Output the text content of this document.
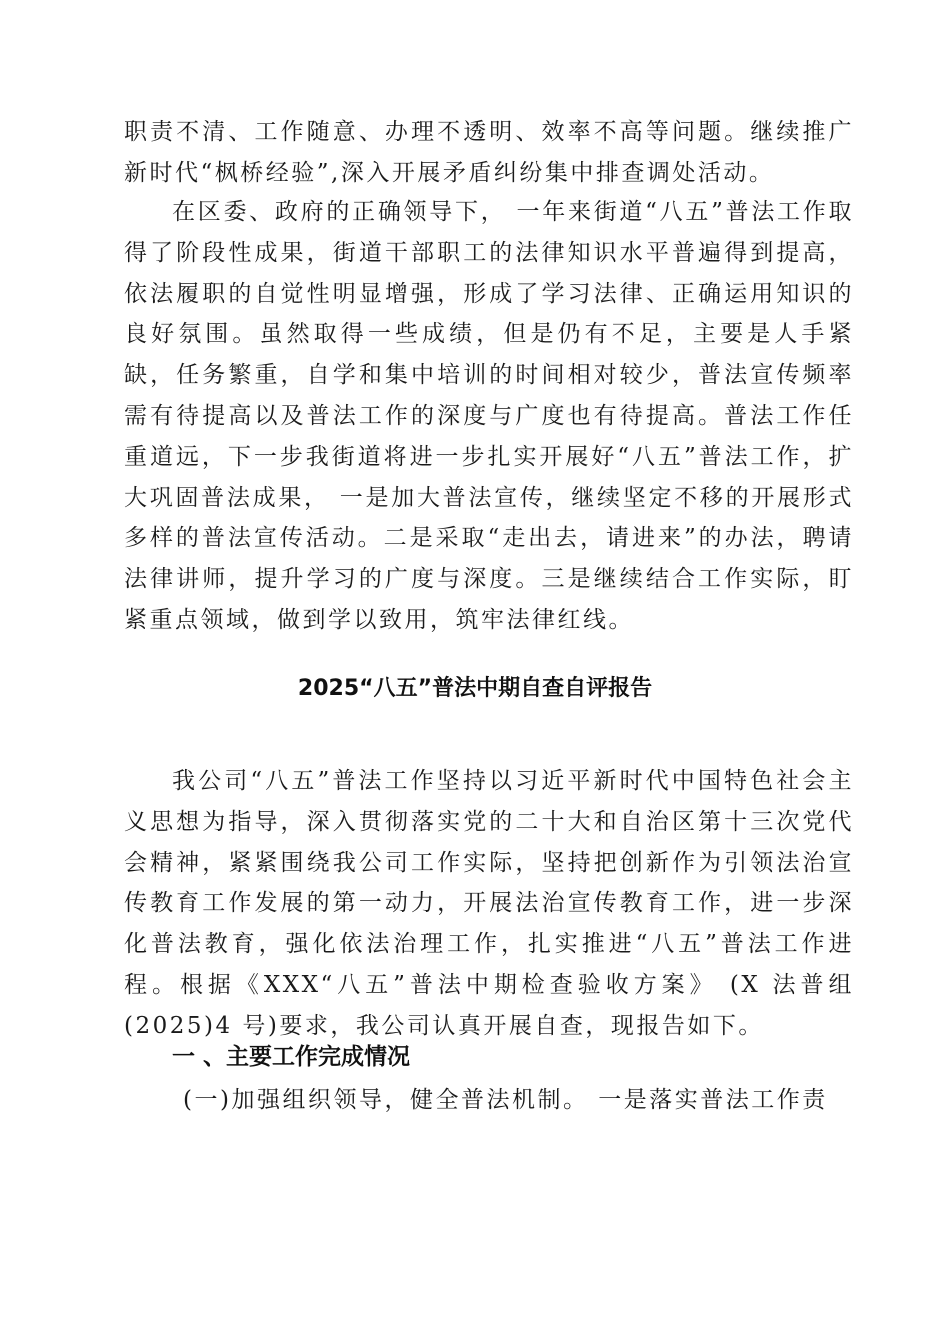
职责不清、工作随意、办理不透明、效率不高等问题。继续推广新时代“枫桥经验”,深入开展矛盾纠纷集中排查调处活动。

在区委、政府的正确领导下， 一年来街道“八五”普法工作取得了阶段性成果，街道干部职工的法律知识水平普遍得到提高，依法履职的自觉性明显增强，形成了学习法律、正确运用知识的良好氛围。虽然取得一些成绩，但是仍有不足，主要是人手紧缺，任务繁重，自学和集中培训的时间相对较少，普法宣传频率需有待提高以及普法工作的深度与广度也有待提高。普法工作任重道远，下一步我街道将进一步扎实开展好“八五”普法工作，扩大巩固普法成果， 一是加大普法宣传，继续坚定不移的开展形式多样的普法宣传活动。二是采取“走出去，请进来”的办法，聘请法律讲师，提升学习的广度与深度。三是继续结合工作实际，盯紧重点领域，做到学以致用，筑牢法律红线。

2025“八五”普法中期自查自评报告

我公司“八五”普法工作坚持以习近平新时代中国特色社会主义思想为指导，深入贯彻落实党的二十大和自治区第十三次党代会精神，紧紧围绕我公司工作实际，坚持把创新作为引领法治宣传教育工作发展的第一动力，开展法治宣传教育工作，进一步深化普法教育，强化依法治理工作，扎实推进“八五”普法工作进程。根据《XXX“八五”普法中期检查验收方案》 (X 法普组(2025)4 号)要求，我公司认真开展自查，现报告如下。

一 、主要工作完成情况

(一)加强组织领导，健全普法机制。 一是落实普法工作责
